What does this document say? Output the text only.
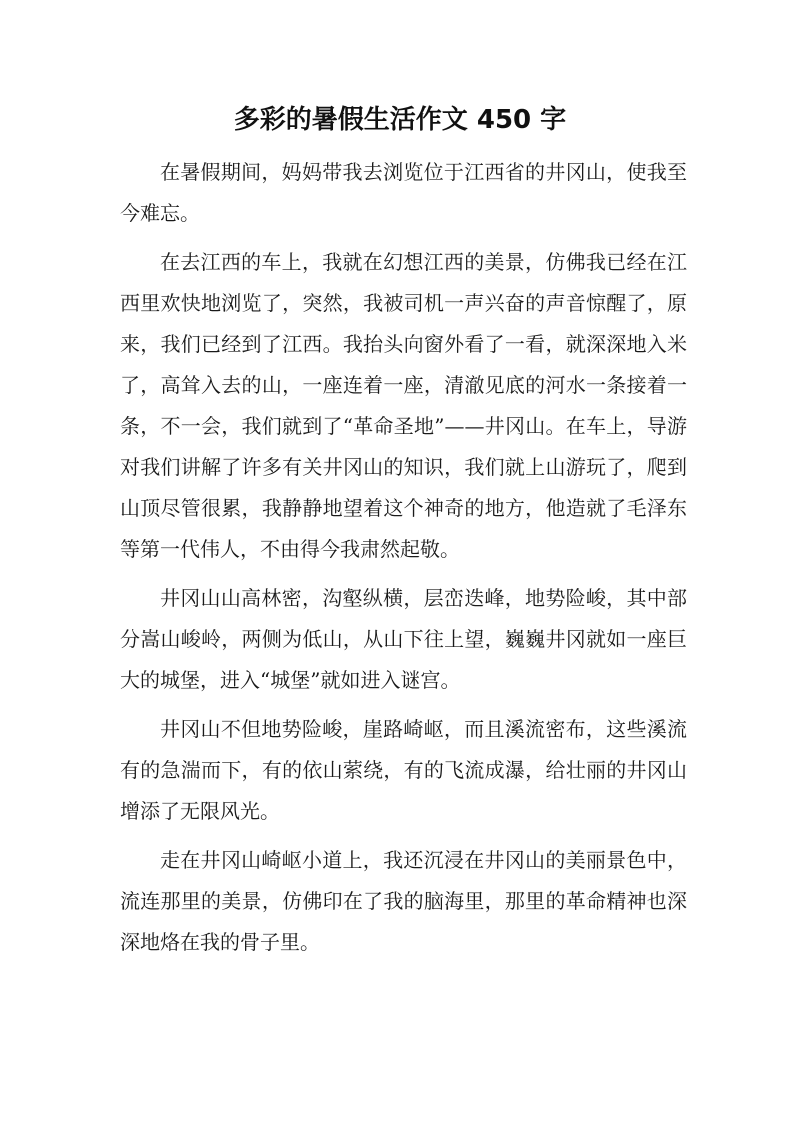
多彩的暑假生活作文 450 字

在暑假期间，妈妈带我去浏览位于江西省的井冈山，使我至今难忘。

在去江西的车上，我就在幻想江西的美景，仿佛我已经在江西里欢快地浏览了，突然，我被司机一声兴奋的声音惊醒了，原来，我们已经到了江西。我抬头向窗外看了一看，就深深地入米了，高耸入去的山，一座连着一座，清澈见底的河水一条接着一条，不一会，我们就到了“革命圣地”——井冈山。在车上，导游对我们讲解了许多有关井冈山的知识，我们就上山游玩了，爬到山顶尽管很累，我静静地望着这个神奇的地方，他造就了毛泽东等第一代伟人，不由得今我肃然起敬。

井冈山山高林密，沟壑纵横，层峦迭峰，地势险峻，其中部分嵩山峻岭，两侧为低山，从山下往上望，巍巍井冈就如一座巨大的城堡，进入“城堡”就如进入谜宫。

井冈山不但地势险峻，崖路崎岖，而且溪流密布，这些溪流有的急湍而下，有的依山萦绕，有的飞流成瀑，给壮丽的井冈山增添了无限风光。

走在井冈山崎岖小道上，我还沉浸在井冈山的美丽景色中，流连那里的美景，仿佛印在了我的脑海里，那里的革命精神也深深地烙在我的骨子里。
